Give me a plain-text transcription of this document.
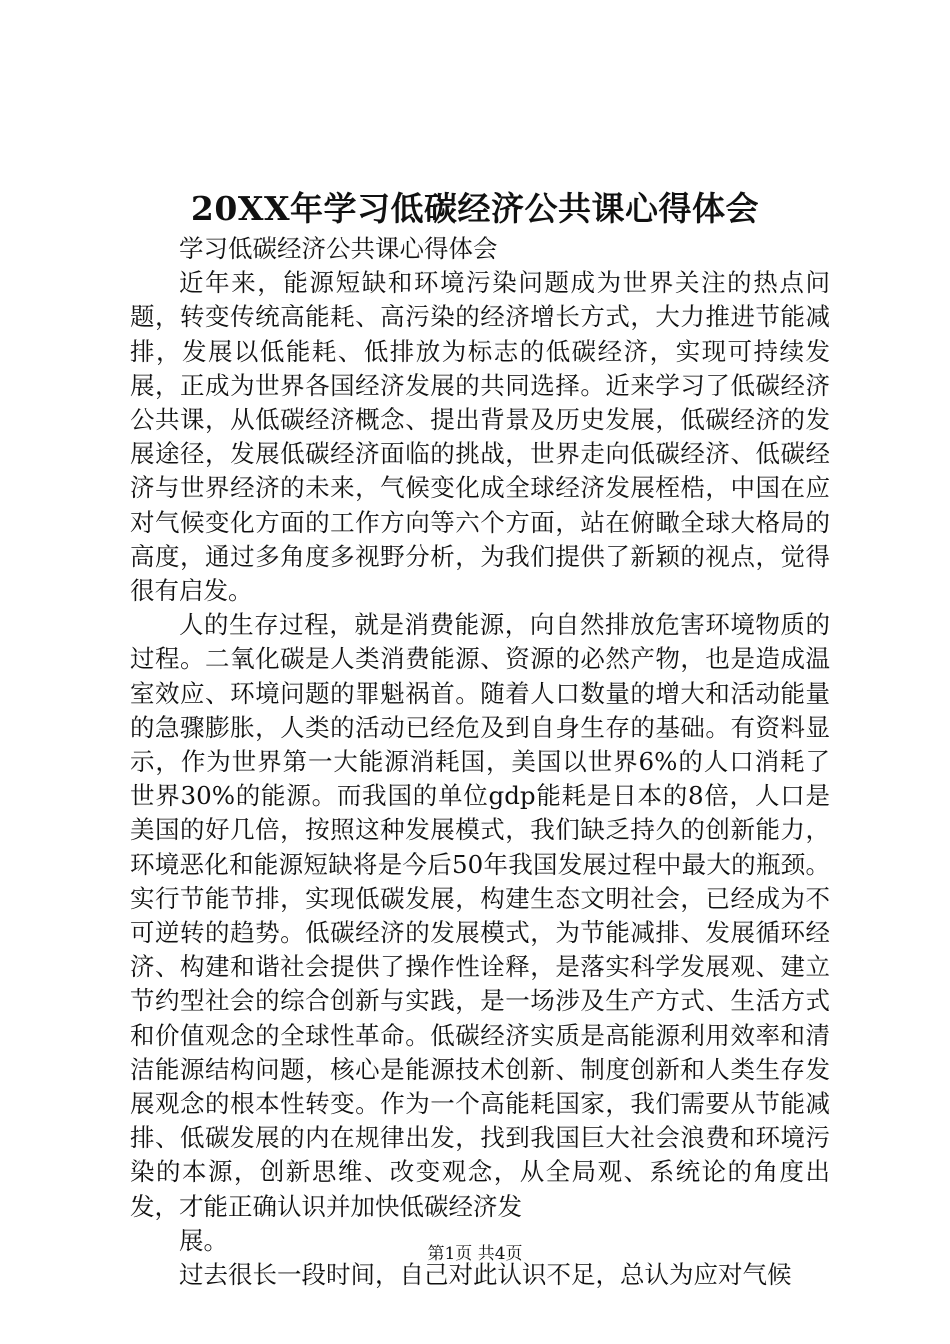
20XX年学习低碳经济公共课心得体会

学习低碳经济公共课心得体会

近年来，能源短缺和环境污染问题成为世界关注的热点问题，转变传统高能耗、高污染的经济增长方式，大力推进节能减排，发展以低能耗、低排放为标志的低碳经济，实现可持续发展，正成为世界各国经济发展的共同选择。近来学习了低碳经济公共课，从低碳经济概念、提出背景及历史发展，低碳经济的发展途径，发展低碳经济面临的挑战，世界走向低碳经济、低碳经济与世界经济的未来，气候变化成全球经济发展桎梏，中国在应对气候变化方面的工作方向等六个方面，站在俯瞰全球大格局的高度，通过多角度多视野分析，为我们提供了新颖的视点，觉得很有启发。

人的生存过程，就是消费能源，向自然排放危害环境物质的过程。二氧化碳是人类消费能源、资源的必然产物，也是造成温室效应、环境问题的罪魁祸首。随着人口数量的增大和活动能量的急骤膨胀，人类的活动已经危及到自身生存的基础。有资料显示，作为世界第一大能源消耗国，美国以世界6%的人口消耗了世界30%的能源。而我国的单位gdp能耗是日本的8倍，人口是美国的好几倍，按照这种发展模式，我们缺乏持久的创新能力，环境恶化和能源短缺将是今后50年我国发展过程中最大的瓶颈。实行节能节排，实现低碳发展，构建生态文明社会，已经成为不可逆转的趋势。低碳经济的发展模式，为节能减排、发展循环经济、构建和谐社会提供了操作性诠释，是落实科学发展观、建立节约型社会的综合创新与实践，是一场涉及生产方式、生活方式和价值观念的全球性革命。低碳经济实质是高能源利用效率和清洁能源结构问题，核心是能源技术创新、制度创新和人类生存发展观念的根本性转变。作为一个高能耗国家，我们需要从节能减排、低碳发展的内在规律出发，找到我国巨大社会浪费和环境污染的本源，创新思维、改变观念，从全局观、系统论的角度出发，才能正确认识并加快低碳经济发

展。

过去很长一段时间，自己对此认识不足，总认为应对气候

第1页 共4页
